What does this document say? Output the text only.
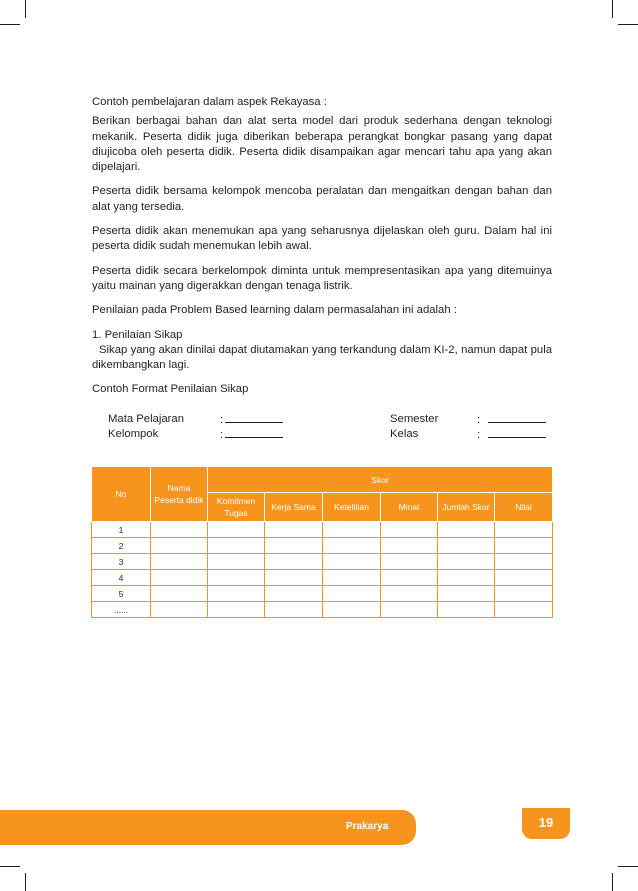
Contoh pembelajaran dalam aspek Rekayasa :

Berikan berbagai bahan dan alat serta model dari produk sederhana dengan teknologi mekanik. Peserta didik juga diberikan beberapa perangkat bongkar pasang yang dapat diujicoba oleh peserta didik. Peserta didik disampaikan agar mencari tahu apa yang akan dipelajari.

Peserta didik bersama kelompok mencoba peralatan dan mengaitkan dengan bahan dan alat yang tersedia.

Peserta didik akan menemukan apa yang seharusnya dijelaskan oleh guru. Dalam hal ini peserta didik sudah menemukan lebih awal.

Peserta didik secara berkelompok diminta untuk mempresentasikan apa yang ditemuinya yaitu mainan yang digerakkan dengan tenaga listrik.

Penilaian pada Problem Based learning dalam permasalahan ini adalah :

1. Penilaian Sikap
Sikap yang akan dinilai dapat diutamakan yang terkandung dalam KI-2, namun dapat pula dikembangkan lagi.

Contoh Format Penilaian Sikap

Mata Pelajaran	:
Kelompok	:
Semester	:
Kelas	:
No	Nama Peserta didik	Skor					
		Komitmen Tugas	Kerja Sama	Ketelitian	Minat	Jumlah Skor	Nilai
1							
2							
3							
4							
5							
......							
Prakarya	19
